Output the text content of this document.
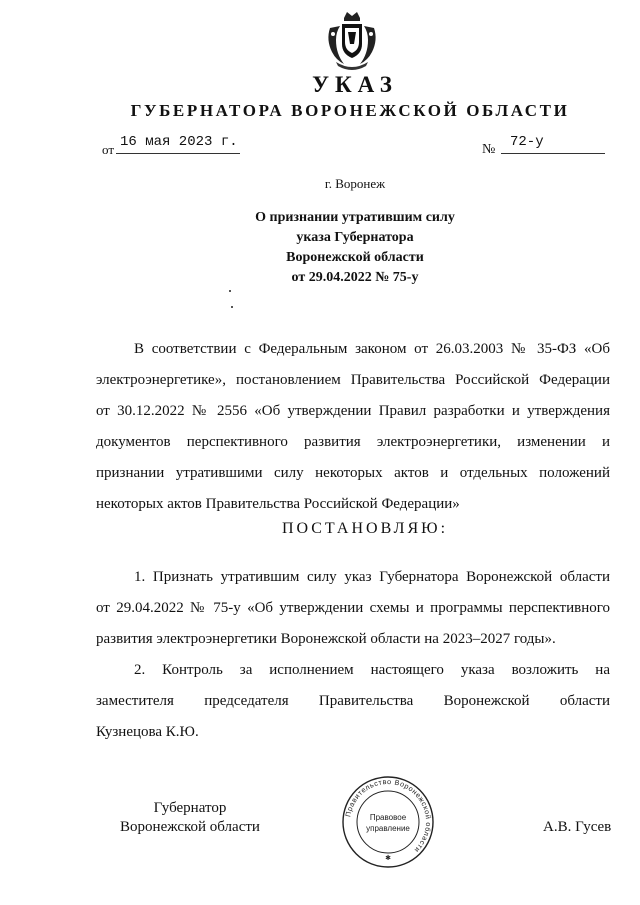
УКАЗ
ГУБЕРНАТОРА ВОРОНЕЖСКОЙ ОБЛАСТИ
от 16 мая 2023 г.	№ 72-у
г. Воронеж
О признании утратившим силу
указа Губернатора
Воронежской области
от 29.04.2022 № 75-у
В соответствии с Федеральным законом от 26.03.2003 № 35-ФЗ «Об
электроэнергетике», постановлением Правительства Российской Федерации
от 30.12.2022 № 2556 «Об утверждении Правил разработки и утверждения
документов перспективного развития электроэнергетики, изменении и
признании утратившими силу некоторых актов и отдельных положений
некоторых актов Правительства Российской Федерации»
ПОСТАНОВЛЯЮ:
1. Признать утратившим силу указ Губернатора Воронежской области
от 29.04.2022 № 75-у «Об утверждении схемы и программы перспективного
развития электроэнергетики Воронежской области на 2023–2027 годы».
2. Контроль за исполнением настоящего указа возложить на
заместителя председателя Правительства Воронежской области
Кузнецова К.Ю.
Губернатор
Воронежской области	А.В. Гусев
Правительство Воронежской области
Правовое
управление
✱
